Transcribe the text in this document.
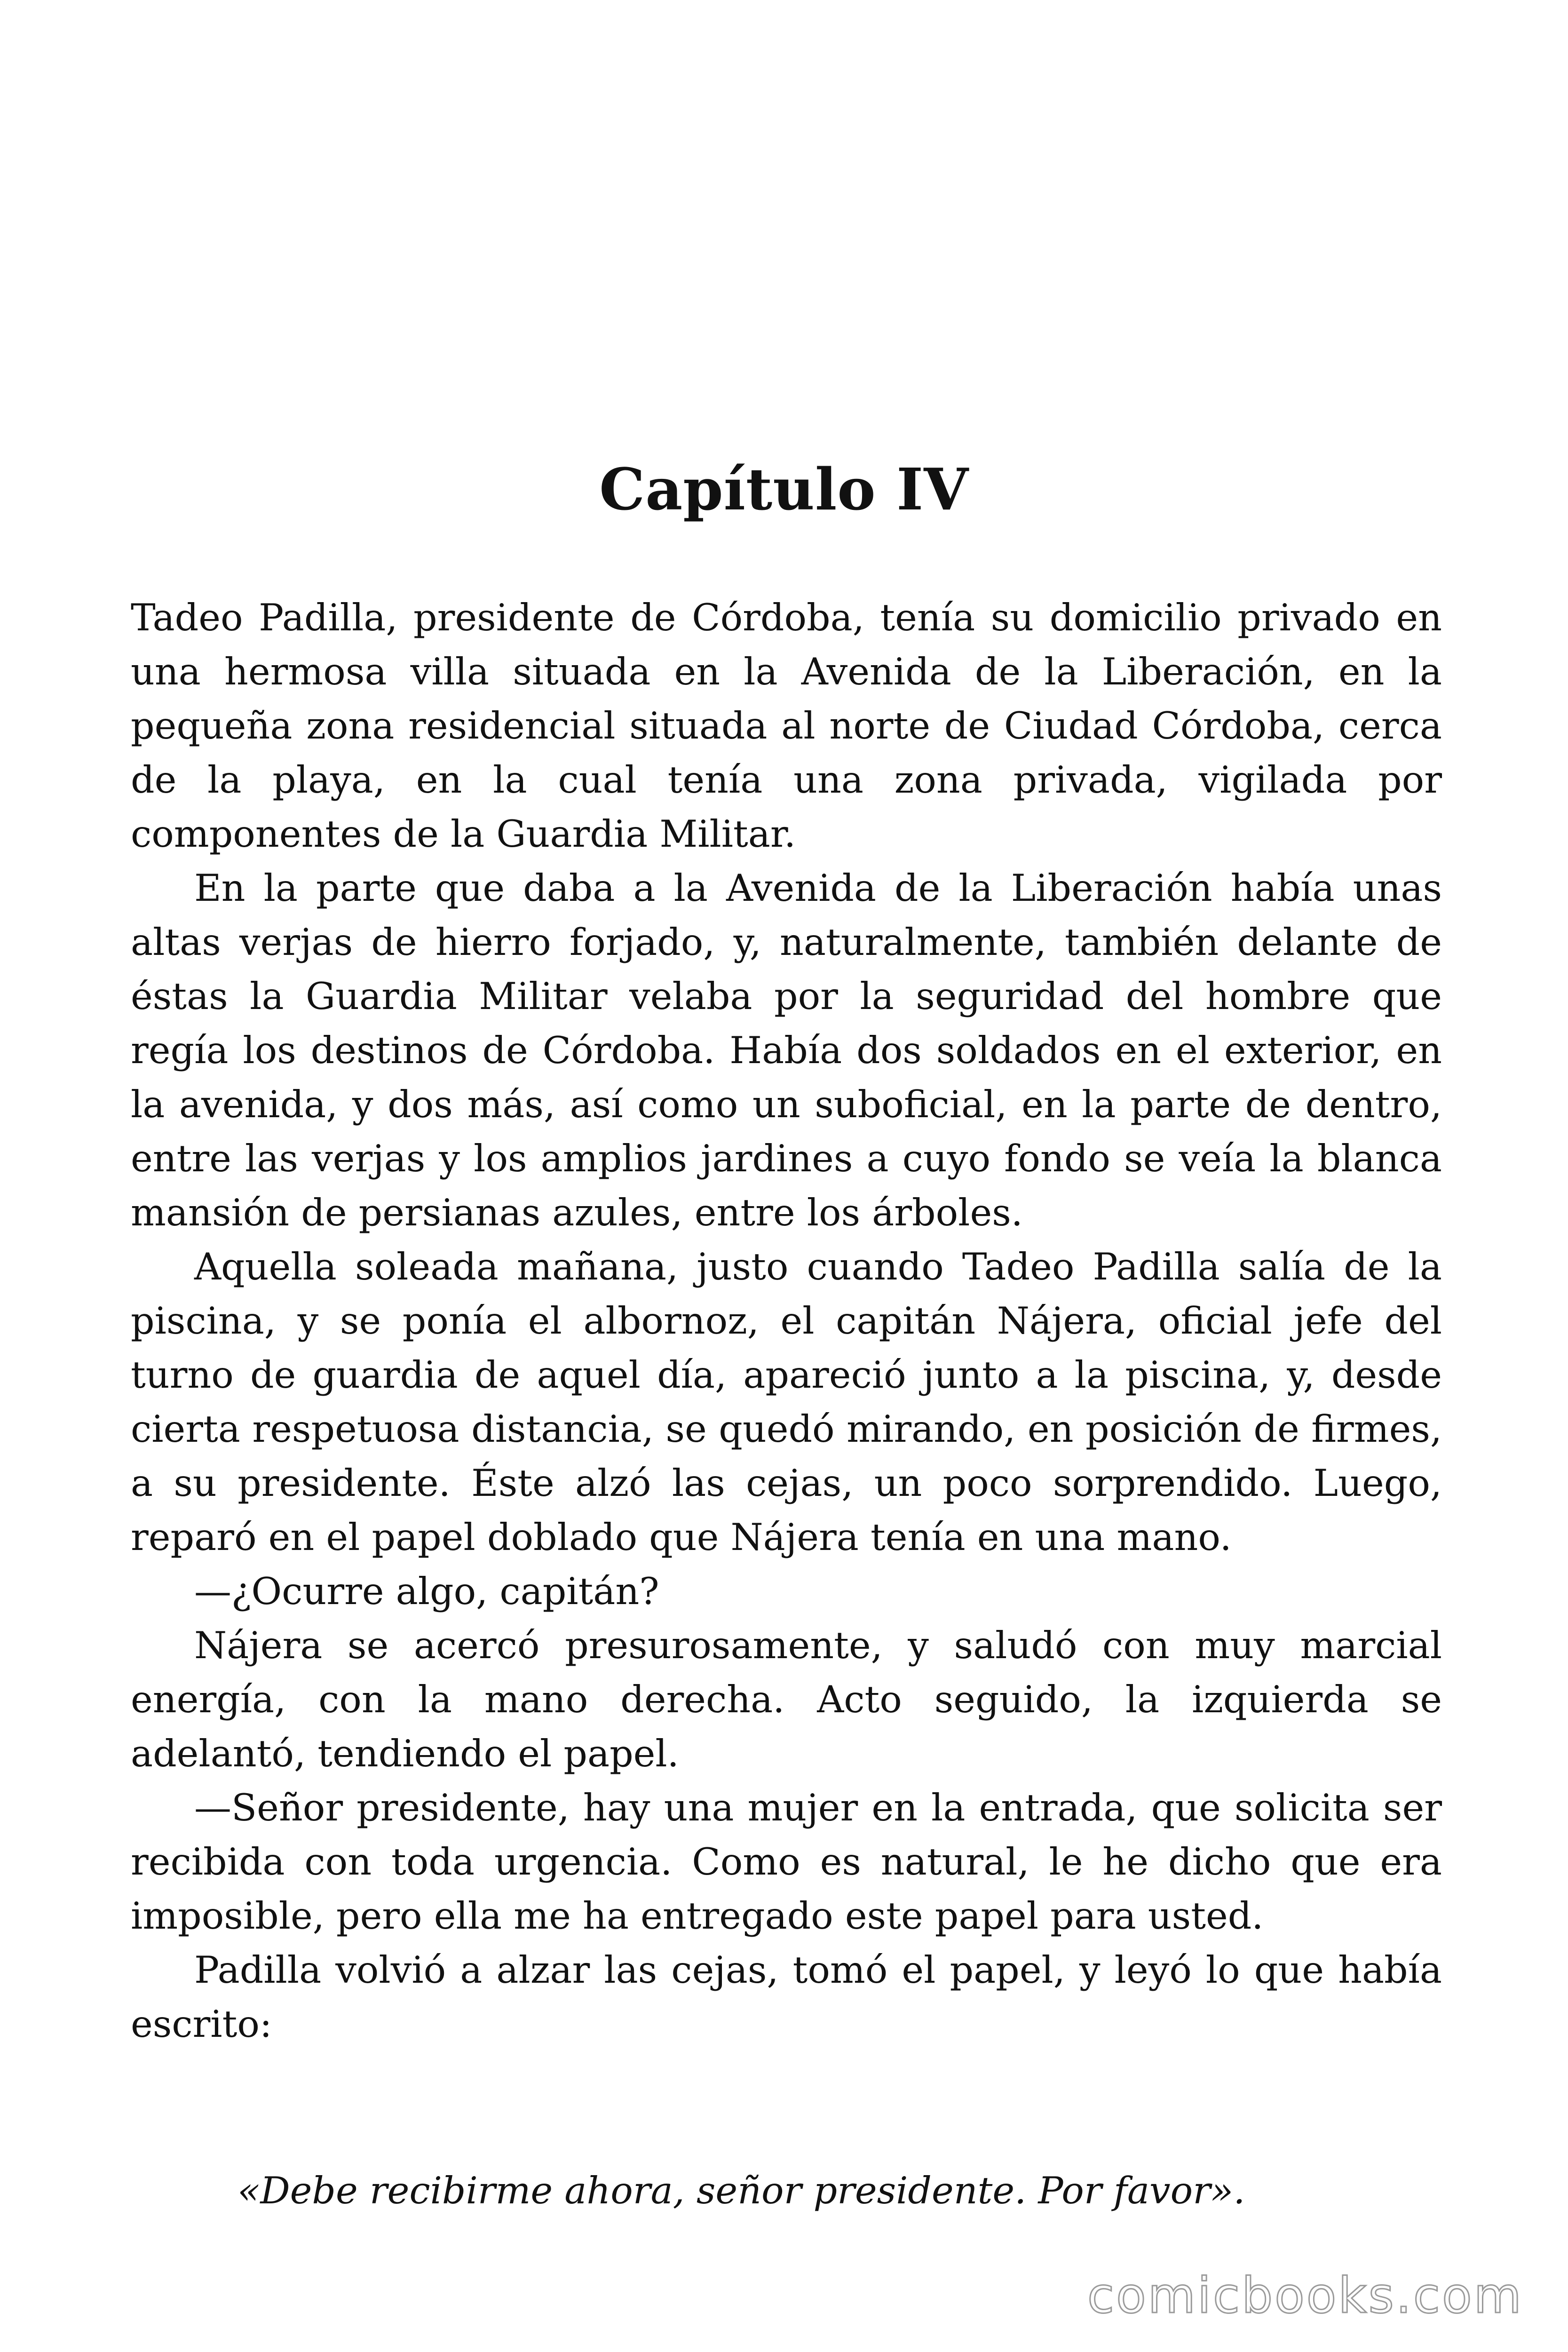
Capítulo IV

Tadeo Padilla, presidente de Córdoba, tenía su domicilio privado en una hermosa villa situada en la Avenida de la Liberación, en la pequeña zona residencial situada al norte de Ciudad Córdoba, cerca de la playa, en la cual tenía una zona privada, vigilada por componentes de la Guardia Militar.

En la parte que daba a la Avenida de la Liberación había unas altas verjas de hierro forjado, y, naturalmente, también delante de éstas la Guardia Militar velaba por la seguridad del hombre que regía los destinos de Córdoba. Había dos soldados en el exterior, en la avenida, y dos más, así como un suboficial, en la parte de dentro, entre las verjas y los amplios jardines a cuyo fondo se veía la blanca mansión de persianas azules, entre los árboles.

Aquella soleada mañana, justo cuando Tadeo Padilla salía de la piscina, y se ponía el albornoz, el capitán Nájera, oficial jefe del turno de guardia de aquel día, apareció junto a la piscina, y, desde cierta respetuosa distancia, se quedó mirando, en posición de firmes, a su presidente. Éste alzó las cejas, un poco sorprendido. Luego, reparó en el papel doblado que Nájera tenía en una mano.

—¿Ocurre algo, capitán?

Nájera se acercó presurosamente, y saludó con muy marcial energía, con la mano derecha. Acto seguido, la izquierda se adelantó, tendiendo el papel.

—Señor presidente, hay una mujer en la entrada, que solicita ser recibida con toda urgencia. Como es natural, le he dicho que era imposible, pero ella me ha entregado este papel para usted.

Padilla volvió a alzar las cejas, tomó el papel, y leyó lo que había escrito:

«Debe recibirme ahora, señor presidente. Por favor».

comicbooks.com
